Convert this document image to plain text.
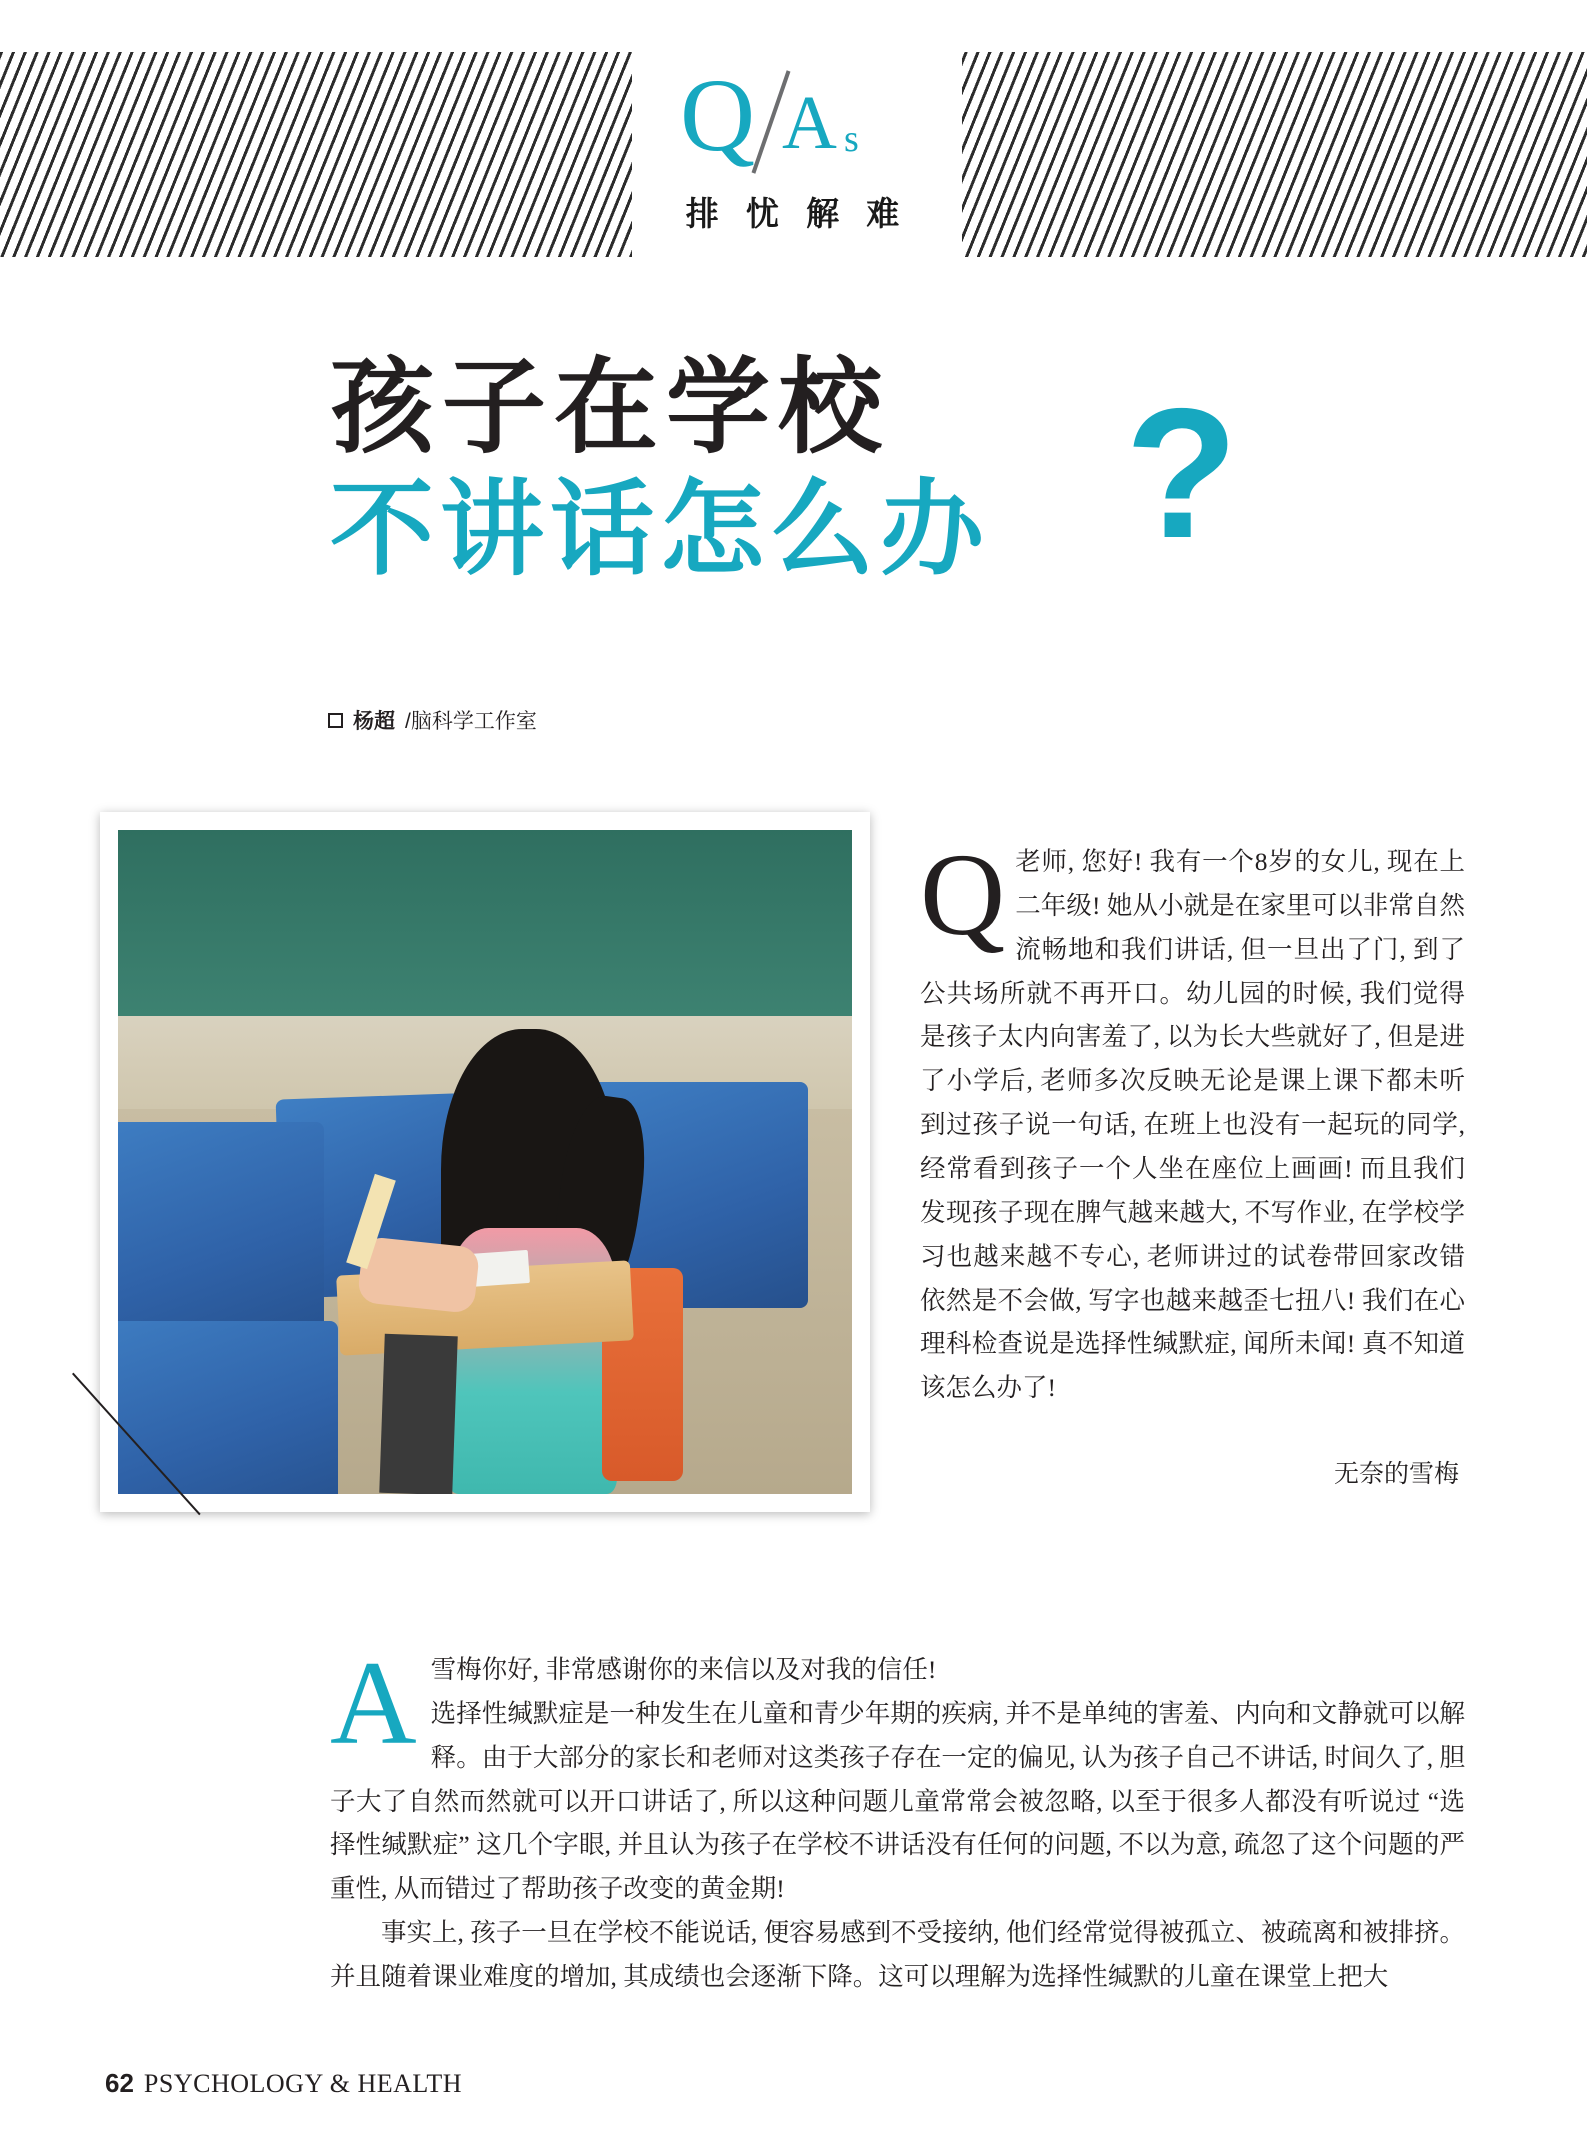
Q A s
排 忧 解 难
孩子在学校
不讲话怎么办 ?
杨超 /脑科学工作室
Q老师, 您好! 我有一个8岁的女儿, 现在上二年级! 她从小就是在家里可以非常自然流畅地和我们讲话, 但一旦出了门, 到了公共场所就不再开口。幼儿园的时候, 我们觉得是孩子太内向害羞了, 以为长大些就好了, 但是进了小学后, 老师多次反映无论是课上课下都未听到过孩子说一句话, 在班上也没有一起玩的同学, 经常看到孩子一个人坐在座位上画画! 而且我们发现孩子现在脾气越来越大, 不写作业, 在学校学习也越来越不专心, 老师讲过的试卷带回家改错依然是不会做, 写字也越来越歪七扭八! 我们在心理科检查说是选择性缄默症, 闻所未闻! 真不知道该怎么办了!
无奈的雪梅
A 雪梅你好, 非常感谢你的来信以及对我的信任!

选择性缄默症是一种发生在儿童和青少年期的疾病, 并不是单纯的害羞、内向和文静就可以解释。由于大部分的家长和老师对这类孩子存在一定的偏见, 认为孩子自己不讲话, 时间久了, 胆子大了自然而然就可以开口讲话了, 所以这种问题儿童常常会被忽略, 以至于很多人都没有听说过 “选择性缄默症” 这几个字眼, 并且认为孩子在学校不讲话没有任何的问题, 不以为意, 疏忽了这个问题的严重性, 从而错过了帮助孩子改变的黄金期!

事实上, 孩子一旦在学校不能说话, 便容易感到不受接纳, 他们经常觉得被孤立、被疏离和被排挤。并且随着课业难度的增加, 其成绩也会逐渐下降。这可以理解为选择性缄默的儿童在课堂上把大

62 PSYCHOLOGY & HEALTH
